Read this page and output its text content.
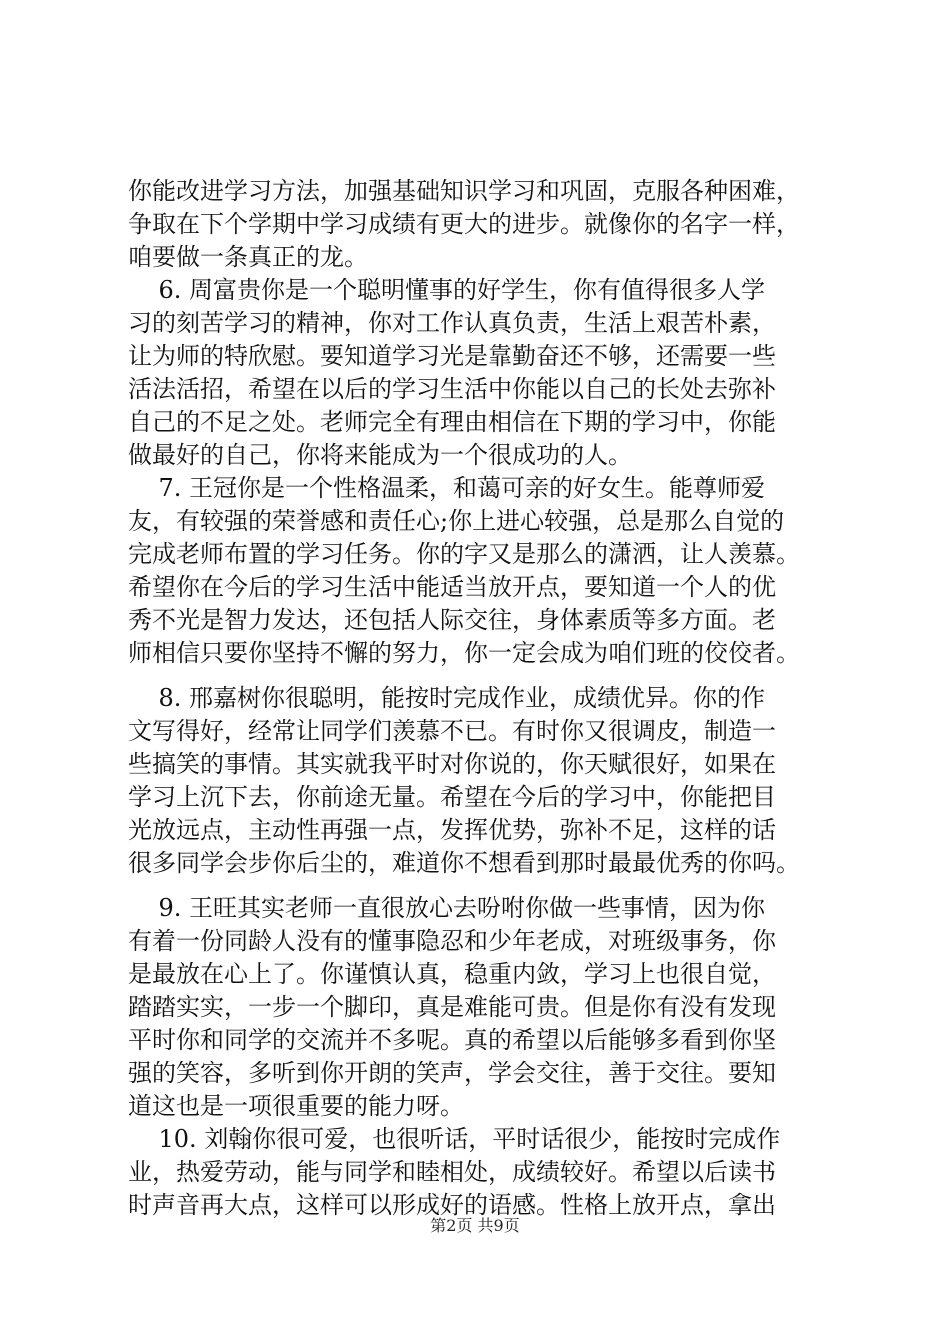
你能改进学习方法，加强基础知识学习和巩固，克服各种困难，

争取在下个学期中学习成绩有更大的进步。就像你的名字一样，

咱要做一条真正的龙。

6. 周富贵你是一个聪明懂事的好学生，你有值得很多人学

习的刻苦学习的精神，你对工作认真负责，生活上艰苦朴素，

让为师的特欣慰。要知道学习光是靠勤奋还不够，还需要一些

活法活招，希望在以后的学习生活中你能以自己的长处去弥补

自己的不足之处。老师完全有理由相信在下期的学习中，你能

做最好的自己，你将来能成为一个很成功的人。

7. 王冠你是一个性格温柔，和蔼可亲的好女生。能尊师爱

友，有较强的荣誉感和责任心;你上进心较强，总是那么自觉的

完成老师布置的学习任务。你的字又是那么的潇洒，让人羡慕。

希望你在今后的学习生活中能适当放开点，要知道一个人的优

秀不光是智力发达，还包括人际交往，身体素质等多方面。老

师相信只要你坚持不懈的努力，你一定会成为咱们班的佼佼者。

8. 邢嘉树你很聪明，能按时完成作业，成绩优异。你的作

文写得好，经常让同学们羡慕不已。有时你又很调皮，制造一

些搞笑的事情。其实就我平时对你说的，你天赋很好，如果在

学习上沉下去，你前途无量。希望在今后的学习中，你能把目

光放远点，主动性再强一点，发挥优势，弥补不足，这样的话

很多同学会步你后尘的，难道你不想看到那时最最优秀的你吗。

9. 王旺其实老师一直很放心去吩咐你做一些事情，因为你

有着一份同龄人没有的懂事隐忍和少年老成，对班级事务，你

是最放在心上了。你谨慎认真，稳重内敛，学习上也很自觉，

踏踏实实，一步一个脚印，真是难能可贵。但是你有没有发现

平时你和同学的交流并不多呢。真的希望以后能够多看到你坚

强的笑容，多听到你开朗的笑声，学会交往，善于交往。要知

道这也是一项很重要的能力呀。

10. 刘翰你很可爱，也很听话，平时话很少，能按时完成作

业，热爱劳动，能与同学和睦相处，成绩较好。希望以后读书

时声音再大点，这样可以形成好的语感。性格上放开点，拿出

第2页 共9页
